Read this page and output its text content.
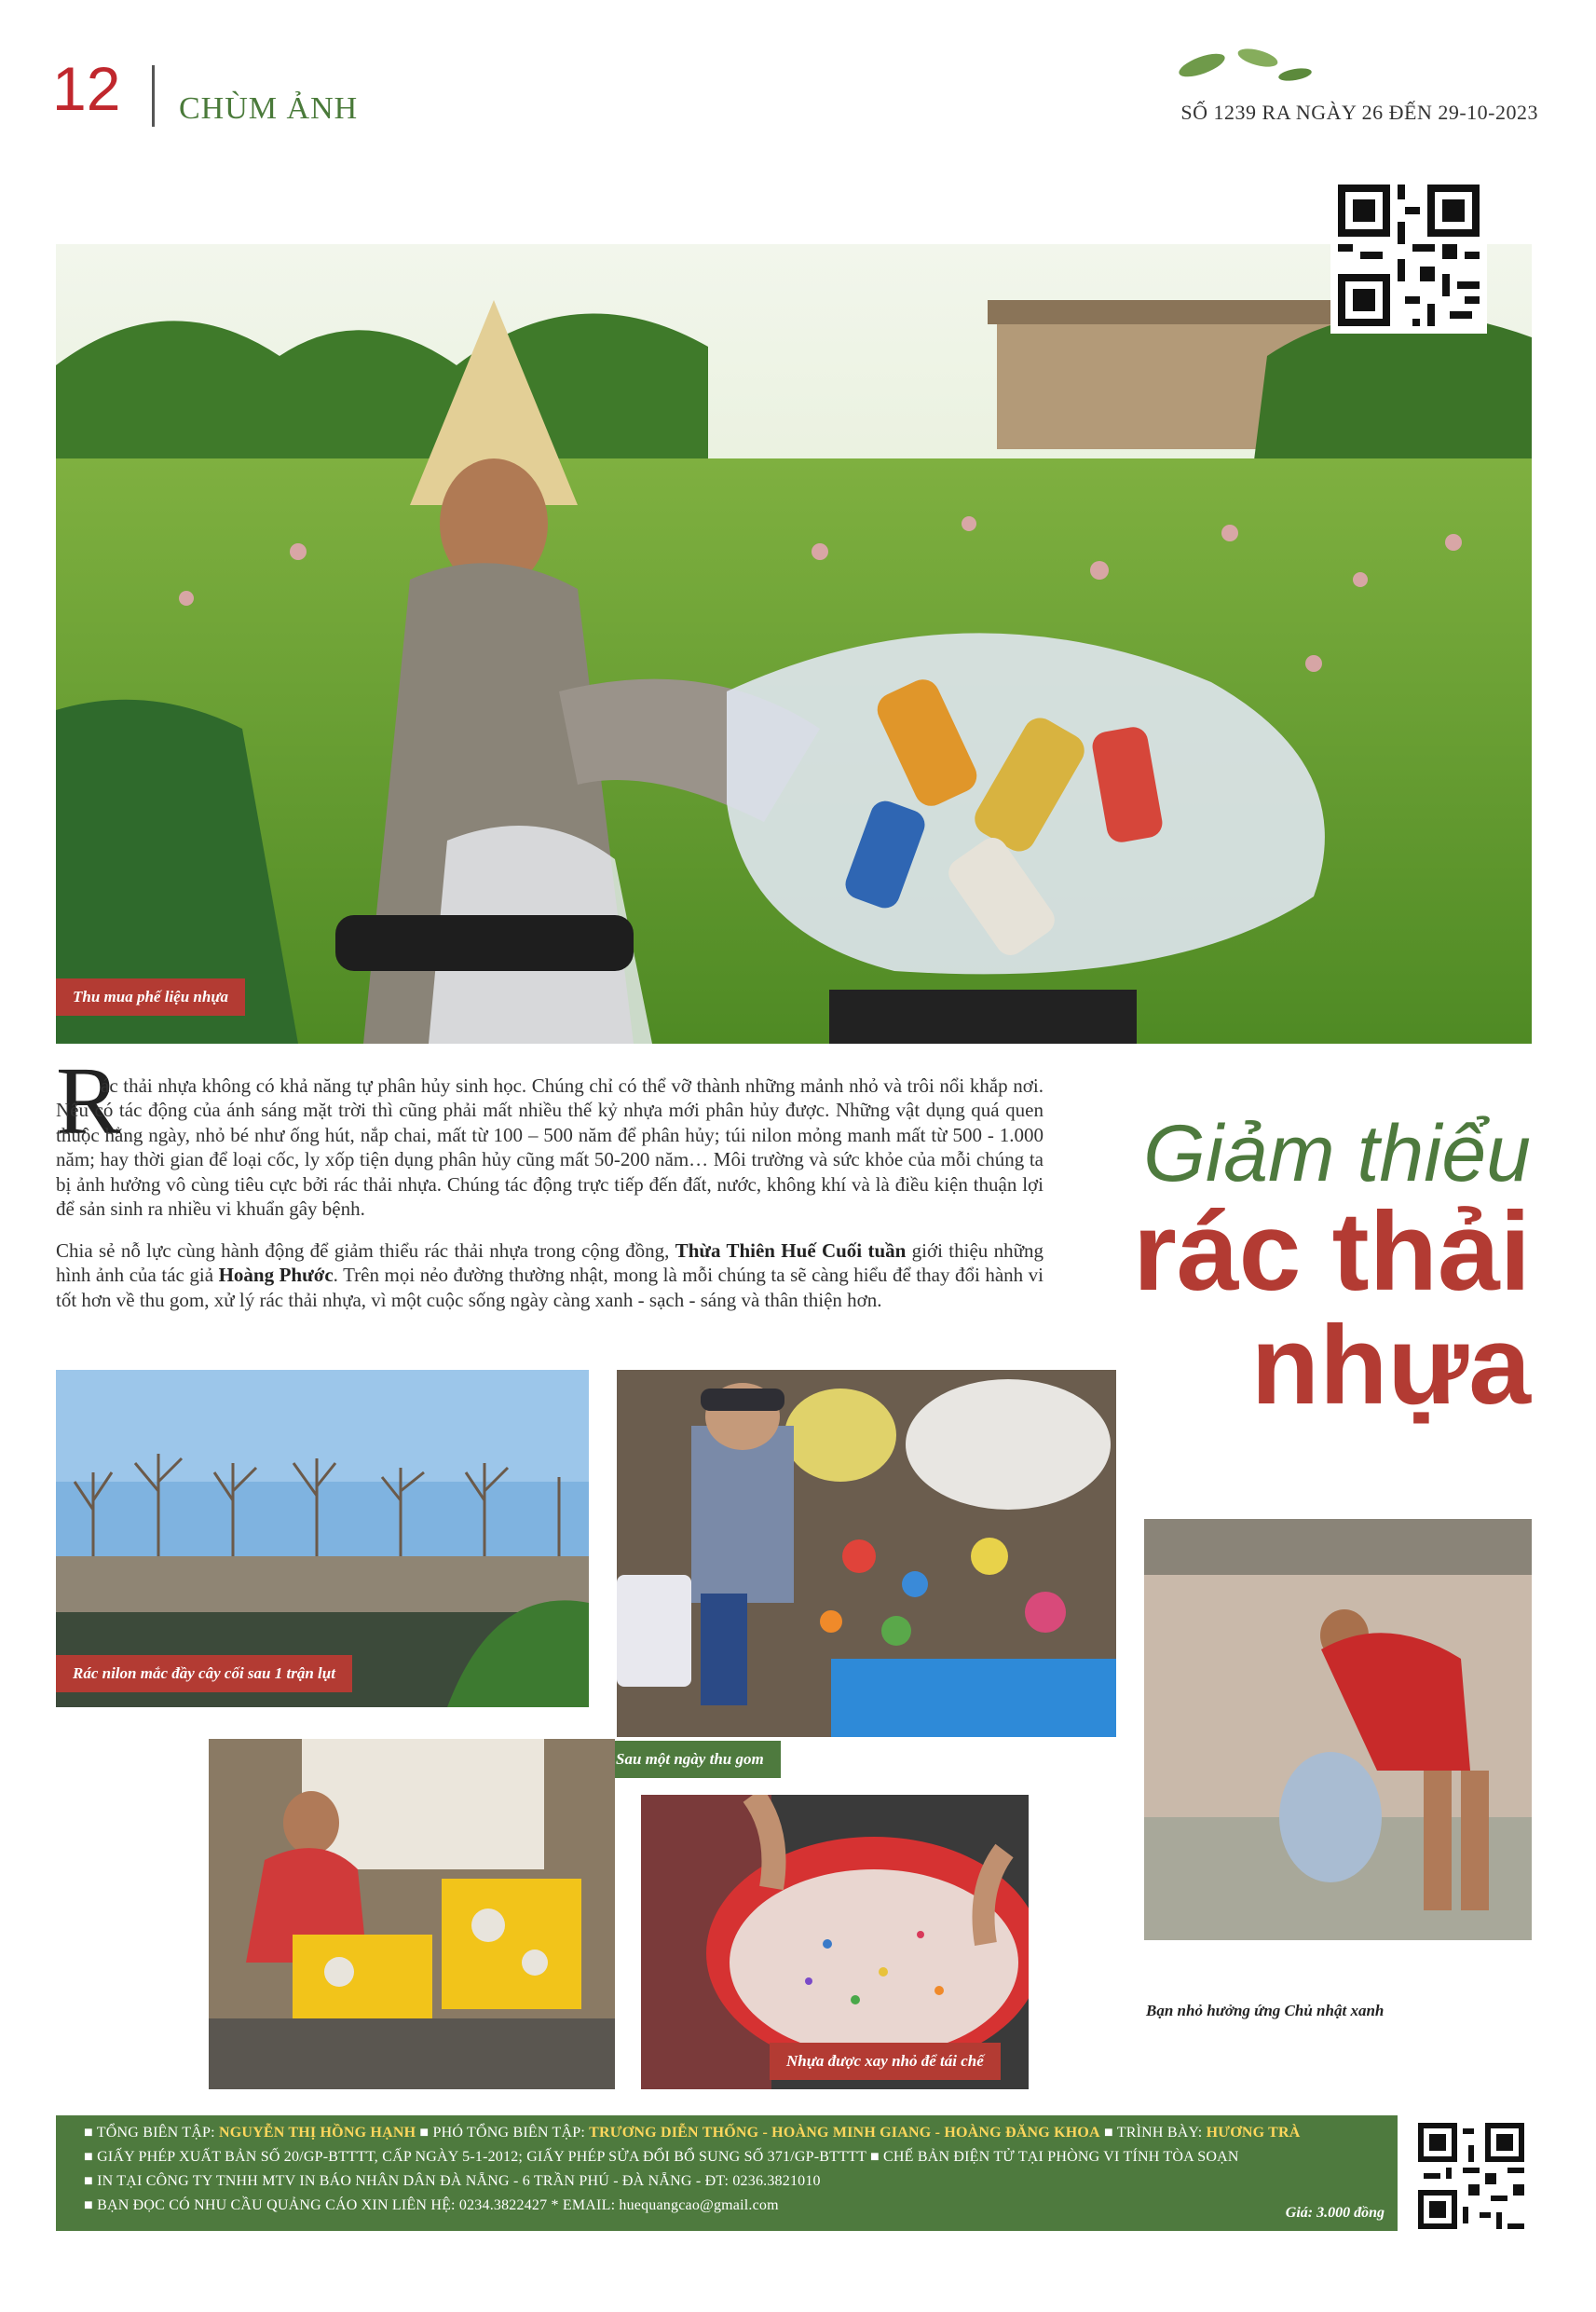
12 CHÙM ẢNH	SỐ 1239 RA NGÀY 26 ĐẾN 29-10-2023
Thu mua phế liệu nhựa
R

ác thải nhựa không có khả năng tự phân hủy sinh học. Chúng chỉ có thể vỡ thành những mảnh nhỏ và trôi nổi khắp nơi. Nếu có tác động của ánh sáng mặt trời thì cũng phải mất nhiều thế kỷ nhựa mới phân hủy được. Những vật dụng quá quen thuộc hằng ngày, nhỏ bé như ống hút, nắp chai, mất từ 100 – 500 năm để phân hủy; túi nilon mỏng manh mất từ 500 - 1.000 năm; hay thời gian để loại cốc, ly xốp tiện dụng phân hủy cũng mất 50-200 năm… Môi trường và sức khỏe của mỗi chúng ta bị ảnh hưởng vô cùng tiêu cực bởi rác thải nhựa. Chúng tác động trực tiếp đến đất, nước, không khí và là điều kiện thuận lợi để sản sinh ra nhiều vi khuẩn gây bệnh.

Chia sẻ nỗ lực cùng hành động để giảm thiểu rác thải nhựa trong cộng đồng, Thừa Thiên Huế Cuối tuần giới thiệu những hình ảnh của tác giả Hoàng Phước. Trên mọi nẻo đường thường nhật, mong là mỗi chúng ta sẽ càng hiểu để thay đổi hành vi tốt hơn về thu gom, xử lý rác thải nhựa, vì một cuộc sống ngày càng xanh - sạch - sáng và thân thiện hơn.

Giảm thiểu
rác thải
nhựa
Rác nilon mắc đầy cây cối sau 1 trận lụt
Sau một ngày thu gom
Bạn nhỏ hưởng ứng Chủ nhật xanh
Nhựa được xay nhỏ để tái chế
■ TỔNG BIÊN TẬP: NGUYỄN THỊ HỒNG HẠNH ■ PHÓ TỔNG BIÊN TẬP: TRƯƠNG DIỄN THỐNG - HOÀNG MINH GIANG - HOÀNG ĐĂNG KHOA ■ TRÌNH BÀY: HƯƠNG TRÀ
■ GIẤY PHÉP XUẤT BẢN SỐ 20/GP-BTTTT, CẤP NGÀY 5-1-2012; GIẤY PHÉP SỬA ĐỔI BỔ SUNG SỐ 371/GP-BTTTT ■ CHẾ BẢN ĐIỆN TỬ TẠI PHÒNG VI TÍNH TÒA SOẠN
■ IN TẠI CÔNG TY TNHH MTV IN BÁO NHÂN DÂN ĐÀ NẴNG - 6 TRẦN PHÚ - ĐÀ NẴNG - ĐT: 0236.3821010
■ BẠN ĐỌC CÓ NHU CẦU QUẢNG CÁO XIN LIÊN HỆ: 0234.3822427 * EMAIL: huequangcao@gmail.com	Giá: 3.000 đồng
